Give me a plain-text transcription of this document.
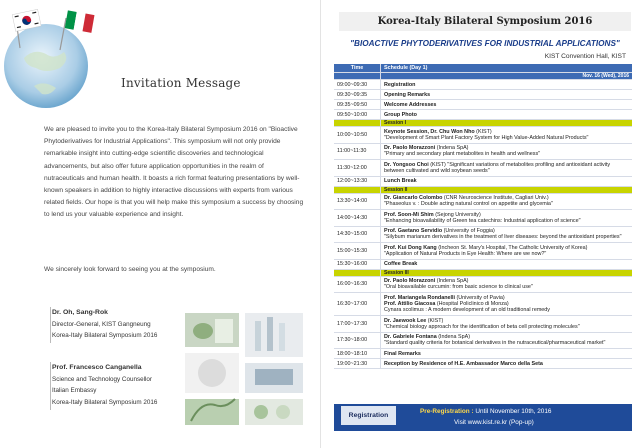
Invitation Message

We are pleased to invite you to the Korea-Italy Bilateral Symposium 2016 on "Bioactive Phytoderivatives for Industrial Applications". This symposium will not only provide remarkable insight into cutting-edge scientific discoveries and technological advancements, but also offer future application opportunities in the realm of nutraceuticals and human health. It boasts a rich format featuring presentations by well-known speakers in addition to highly interactive discussions with experts from various related fields. Our hope is that you will help make this symposium a success by choosing to lend us your valuable experience and insight.

We sincerely look forward to seeing you at the symposium.
Dr. Oh, Sang-Rok
Director-General, KIST Gangneung
Korea-Italy Bilateral Symposium 2016
Prof. Francesco Canganella
Science and Technology Counsellor
Italian Embassy
Korea-Italy Bilateral Symposium 2016
Korea-Italy Bilateral Symposium 2016
"BIOACTIVE PHYTODERIVATIVES FOR INDUSTRIAL APPLICATIONS"
KIST Convention Hall, KIST
Time	Schedule (Day 1)
	Nov. 16 (Wed), 2016
09:00~09:30	Registration

09:30~09:35	Opening Remarks

09:35~09:50	Welcome Addresses

09:50~10:00	Group Photo

	Session I

10:00~10:50	Keynote Session, Dr. Chu Won Nho (KIST)
"Development of Smart Plant Factory System for High Value-Added Natural Products"

11:00~11:30	Dr. Paolo Morazzoni (Indena SpA)
"Primary and secondary plant metabolites in health and wellness"

11:30~12:00	Dr. Yongsoo Choi (KIST) "Significant variations of metabolites profiling and antioxidant activity
between cultivated and wild soybean seeds"

12:00~13:30	Lunch Break

	Session II

13:30~14:00	Dr. Giancarlo Colombo (CNR Neuroscience Institute, Cagliari Univ.)
"Phaseolus v. : Double acting natural control on appetite and glycemia"

14:00~14:30	Prof. Soon-Mi Shim (Sejong University)
"Enhancing bioavailability of Green tea catechins: Industrial application of science"

14:30~15:00	Prof. Gaetano Servidio (University of Foggia)
"Silybum marianum derivatives in the treatment of liver diseases: beyond the antioxidant properties"

15:00~15:30	Prof. Kui Dong Kang (Incheon St. Mary's Hospital, The Catholic University of Korea)
"Application of Natural Products in Eye Health: Where are we now?"

15:30~16:00	Coffee Break

	Session III

16:00~16:30	Dr. Paolo Morazzoni (Indena SpA)
"Oral bioavailable curcumin: from basic science to clinical use"

16:30~17:00	Prof. Mariangela Rondanelli (University of Pavia)
Prof. Attilio Giacosa (Hospital Policlinico di Monza)
Cynara scolimus : A modern development of an old traditional remedy

17:00~17:30	Dr. Jaewook Lee (KIST)
"Chemical biology approach for the identification of beta cell protecting molecules"

17:30~18:00	Dr. Gabriele Fontana (Indena SpA)
"Standard quality criteria for botanical derivatives in the nutraceutical/pharmaceutical market"

18:00~18:10	Final Remarks

19:00~21:30	Reception by Residence of H.E. Ambassador Marco della Seta
Registration
Pre-Registration : Until November 10th, 2016
Visit www.kist.re.kr (Pop-up)
